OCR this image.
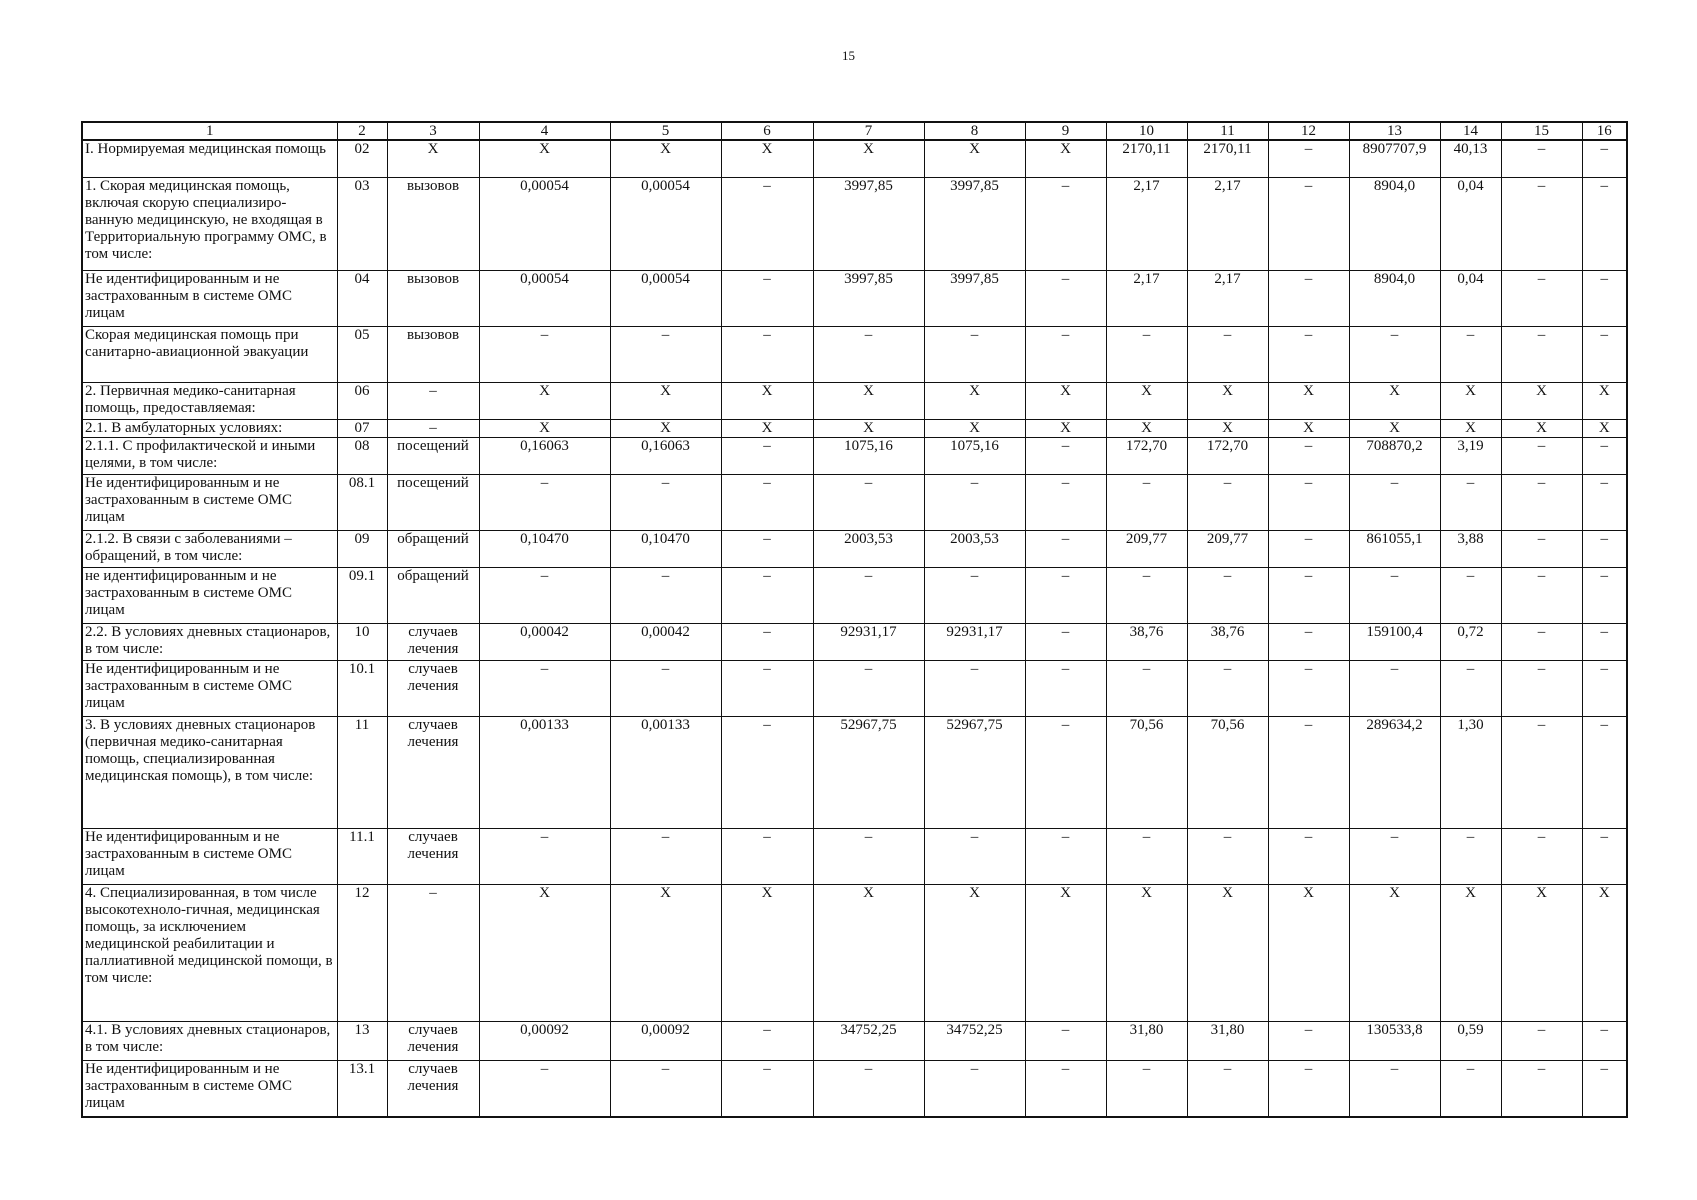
15
1	2	3	4	5	6	7	8	9	10	11	12	13	14	15	16
I. Нормируемая медицинская помощь	02	Х	Х	Х	Х	Х	Х	Х	2170,11	2170,11	–	8907707,9	40,13	–	–
1. Скорая медицинская помощь, включая скорую специализиро-ванную медицинскую, не входящая в Территориальную программу ОМС, в том числе:	03	вызовов	0,00054	0,00054	–	3997,85	3997,85	–	2,17	2,17	–	8904,0	0,04	–	–
Не идентифицированным и не застрахованным в системе ОМС лицам	04	вызовов	0,00054	0,00054	–	3997,85	3997,85	–	2,17	2,17	–	8904,0	0,04	–	–
Скорая медицинская помощь при санитарно-авиационной эвакуации	05	вызовов	–	–	–	–	–	–	–	–	–	–	–	–	–
2. Первичная медико-санитарная помощь, предоставляемая:	06	–	Х	Х	Х	Х	Х	Х	Х	Х	Х	Х	Х	Х	Х
2.1. В амбулаторных условиях:	07	–	Х	Х	Х	Х	Х	Х	Х	Х	Х	Х	Х	Х	Х
2.1.1. С профилактической и иными целями, в том числе:	08	посещений	0,16063	0,16063	–	1075,16	1075,16	–	172,70	172,70	–	708870,2	3,19	–	–
Не идентифицированным и не застрахованным в системе ОМС лицам	08.1	посещений	–	–	–	–	–	–	–	–	–	–	–	–	–
2.1.2. В связи с заболеваниями – обращений, в том числе:	09	обращений	0,10470	0,10470	–	2003,53	2003,53	–	209,77	209,77	–	861055,1	3,88	–	–
не идентифицированным и не застрахованным в системе ОМС лицам	09.1	обращений	–	–	–	–	–	–	–	–	–	–	–	–	–
2.2. В условиях дневных стационаров, в том числе:	10	случаев лечения	0,00042	0,00042	–	92931,17	92931,17	–	38,76	38,76	–	159100,4	0,72	–	–
Не идентифицированным и не застрахованным в системе ОМС лицам	10.1	случаев лечения	–	–	–	–	–	–	–	–	–	–	–	–	–
3. В условиях дневных стационаров (первичная медико-санитарная помощь, специализированная медицинская помощь), в том числе:	11	случаев лечения	0,00133	0,00133	–	52967,75	52967,75	–	70,56	70,56	–	289634,2	1,30	–	–
Не идентифицированным и не застрахованным в системе ОМС лицам	11.1	случаев лечения	–	–	–	–	–	–	–	–	–	–	–	–	–
4. Специализированная, в том числе высокотехноло-гичная, медицинская помощь, за исключением медицинской реабилитации и паллиативной медицинской помощи, в том числе:	12	–	Х	Х	Х	Х	Х	Х	Х	Х	Х	Х	Х	Х	Х
4.1. В условиях дневных стационаров, в том числе:	13	случаев лечения	0,00092	0,00092	–	34752,25	34752,25	–	31,80	31,80	–	130533,8	0,59	–	–
Не идентифицированным и не застрахованным в системе ОМС лицам	13.1	случаев лечения	–	–	–	–	–	–	–	–	–	–	–	–	–
